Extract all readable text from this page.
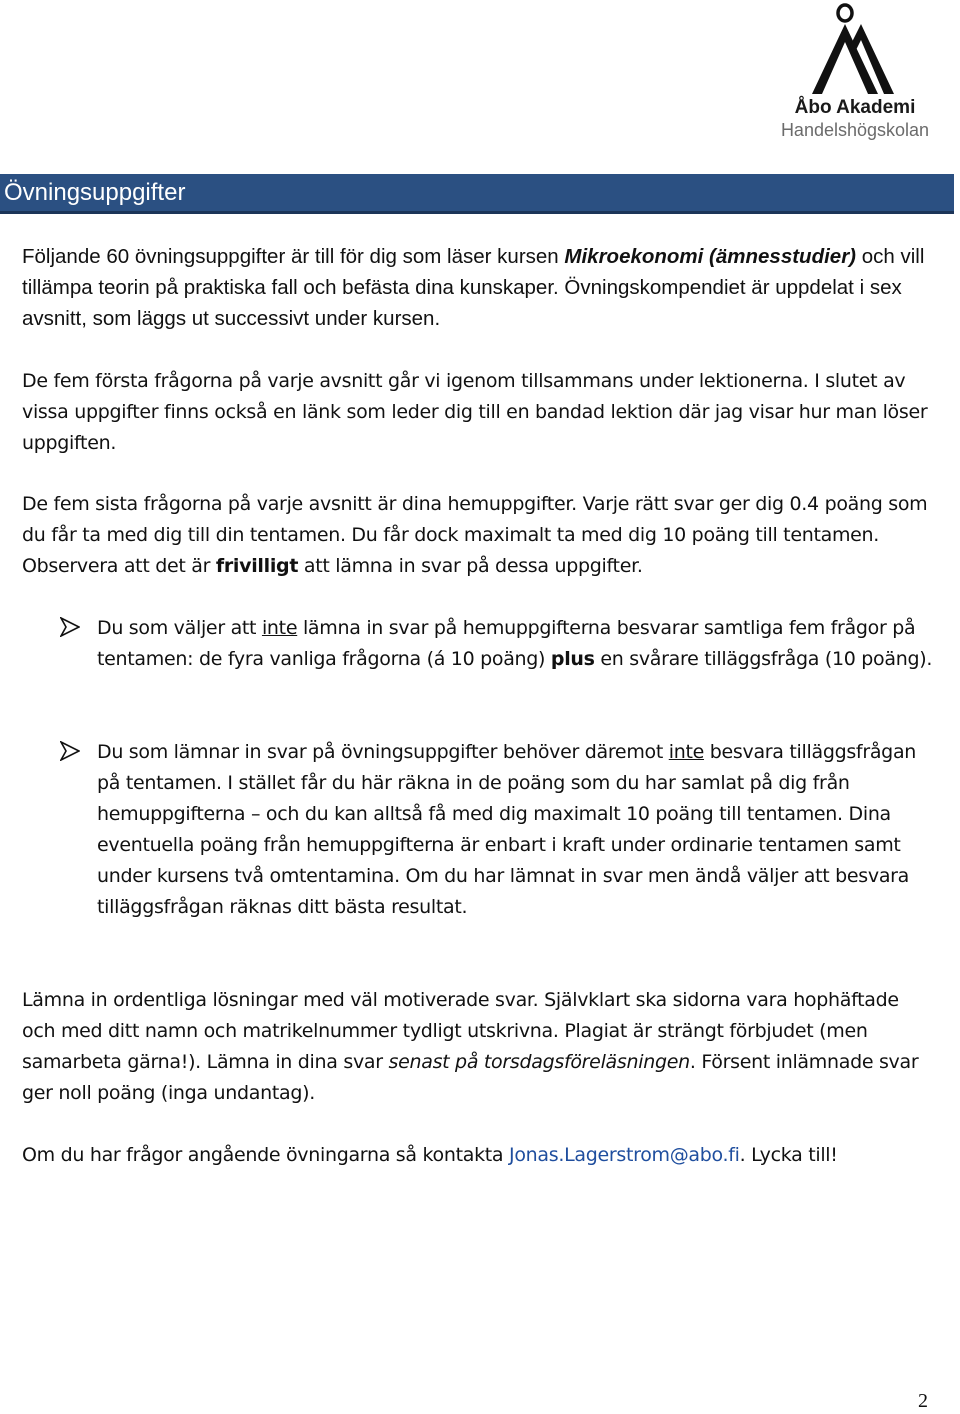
Åbo Akademi
Handelshögskolan
Övningsuppgifter

Följande 60 övningsuppgifter är till för dig som läser kursen Mikroekonomi (ämnesstudier) och vill tillämpa teorin på praktiska fall och befästa dina kunskaper. Övningskompendiet är uppdelat i sex avsnitt, som läggs ut successivt under kursen.

De fem första frågorna på varje avsnitt går vi igenom tillsammans under lektionerna. I slutet av vissa uppgifter finns också en länk som leder dig till en bandad lektion där jag visar hur man löser uppgiften.

De fem sista frågorna på varje avsnitt är dina hemuppgifter. Varje rätt svar ger dig 0.4 poäng som du får ta med dig till din tentamen. Du får dock maximalt ta med dig 10 poäng till tentamen. Observera att det är frivilligt att lämna in svar på dessa uppgifter.

Du som väljer att inte lämna in svar på hemuppgifterna besvarar samtliga fem frågor på tentamen: de fyra vanliga frågorna (á 10 poäng) plus en svårare tilläggsfråga (10 poäng).

Du som lämnar in svar på övningsuppgifter behöver däremot inte besvara tilläggsfrågan på tentamen. I stället får du här räkna in de poäng som du har samlat på dig från hemuppgifterna – och du kan alltså få med dig maximalt 10 poäng till tentamen. Dina eventuella poäng från hemuppgifterna är enbart i kraft under ordinarie tentamen samt under kursens två omtentamina. Om du har lämnat in svar men ändå väljer att besvara tilläggsfrågan räknas ditt bästa resultat.

Lämna in ordentliga lösningar med väl motiverade svar. Självklart ska sidorna vara hophäftade och med ditt namn och matrikelnummer tydligt utskrivna. Plagiat är strängt förbjudet (men samarbeta gärna!). Lämna in dina svar senast på torsdagsföreläsningen. Försent inlämnade svar ger noll poäng (inga undantag).

Om du har frågor angående övningarna så kontakta Jonas.Lagerstrom@abo.fi. Lycka till!

2
